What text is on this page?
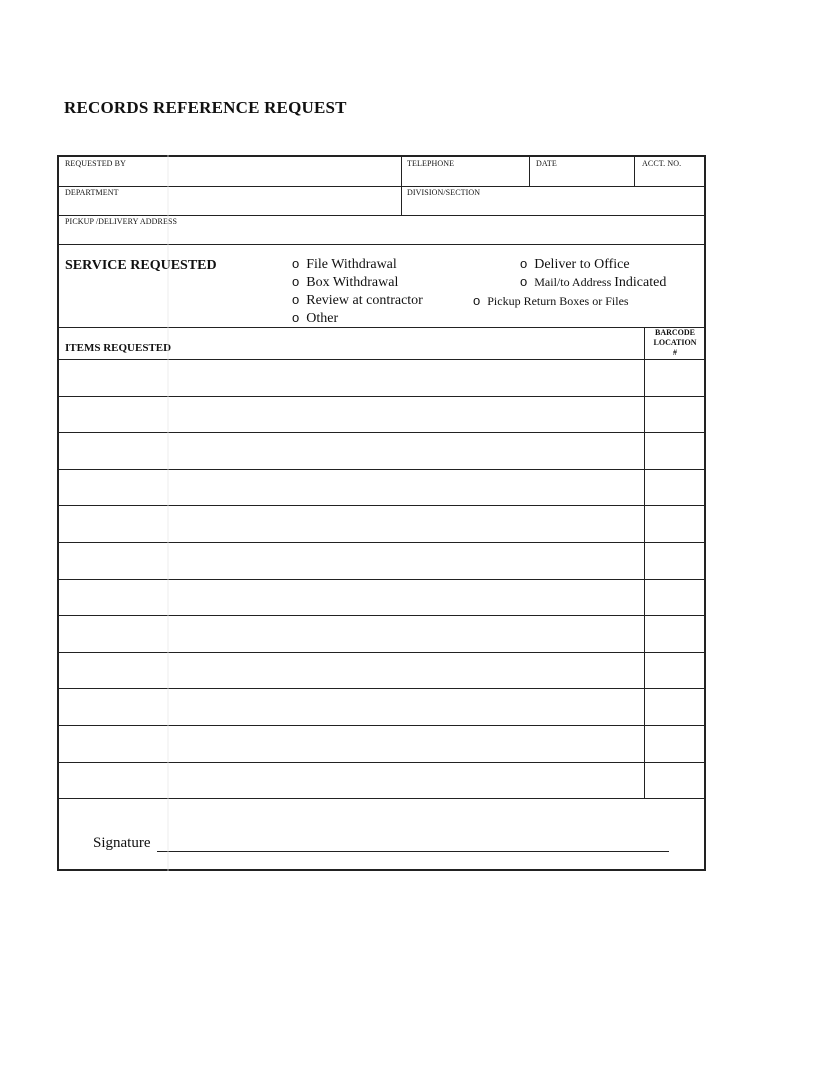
RECORDS REFERENCE REQUEST
REQUESTED BY	TELEPHONE	DATE	ACCT. NO.
DEPARTMENT	DIVISION/SECTION
PICKUP /DELIVERY ADDRESS
SERVICE REQUESTED	o File Withdrawal
o Box Withdrawal
o Review at contractor
o Other
o Deliver to Office
o Mail/to Address Indicated
o Pickup Return Boxes or Files
ITEMS REQUESTED
BARCODE
LOCATION
#
Signature
